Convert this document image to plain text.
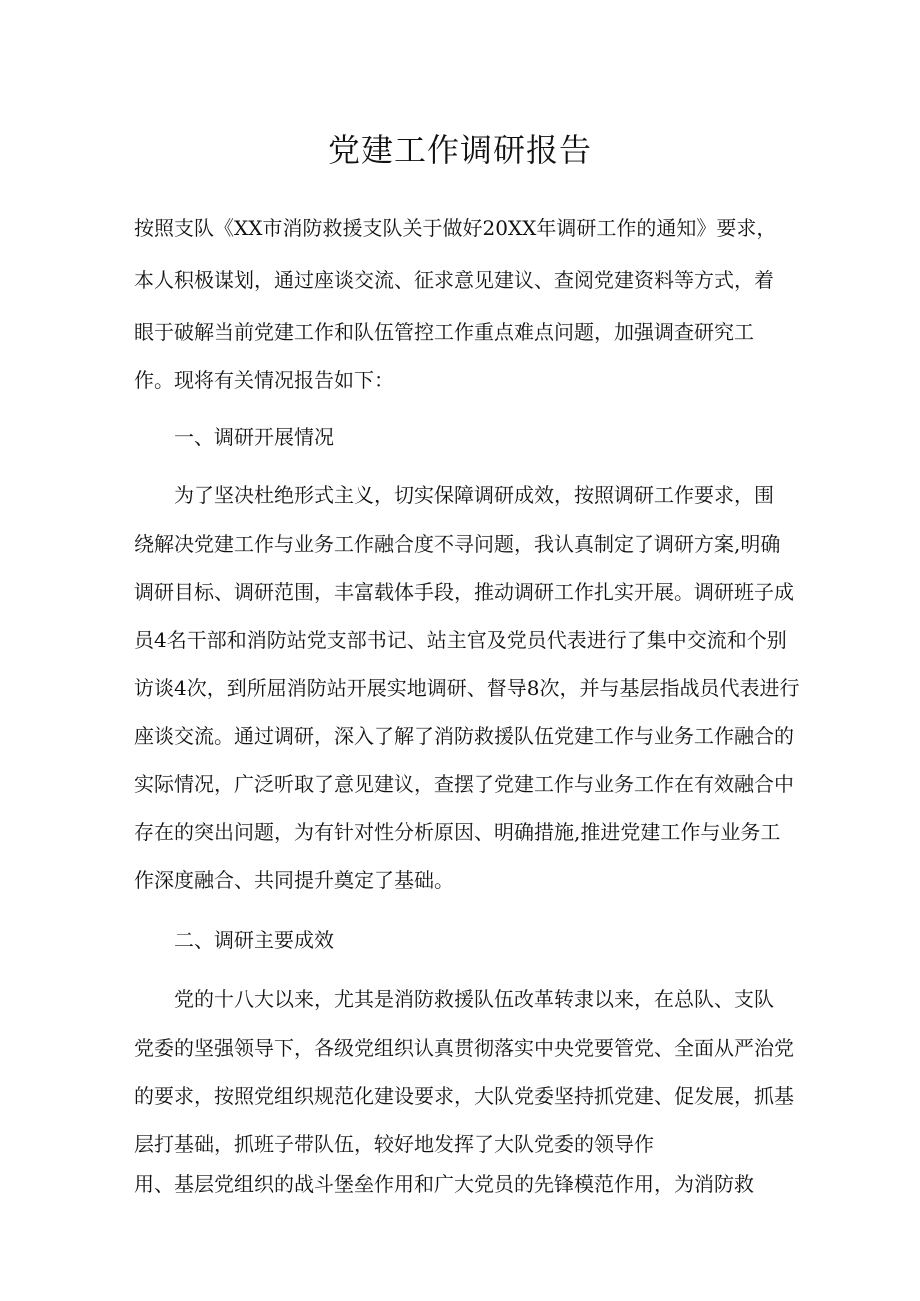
党建工作调研报告
按照支队《XX市消防救援支队关于做好20XX年调研工作的通知》要求，
本人积极谋划，通过座谈交流、征求意见建议、查阅党建资料等方式，着
眼于破解当前党建工作和队伍管控工作重点难点问题，加强调查研究工
作。现将有关情况报告如下：
一、调研开展情况
为了坚决杜绝形式主义，切实保障调研成效，按照调研工作要求，围
绕解决党建工作与业务工作融合度不寻问题，我认真制定了调研方案,明确
调研目标、调研范围，丰富载体手段，推动调研工作扎实开展。调研班子成
员4名干部和消防站党支部书记、站主官及党员代表进行了集中交流和个别
访谈4次，到所屈消防站开展实地调研、督导8次，并与基层指战员代表进行
座谈交流。通过调研，深入了解了消防救援队伍党建工作与业务工作融合的
实际情况，广泛听取了意见建议，查摆了党建工作与业务工作在有效融合中
存在的突出问题，为有针对性分析原因、明确措施,推进党建工作与业务工
作深度融合、共同提升奠定了基础。
二、调研主要成效
党的十八大以来，尤其是消防救援队伍改革转隶以来，在总队、支队
党委的坚强领导下，各级党组织认真贯彻落实中央党要管党、全面从严治党
的要求，按照党组织规范化建设要求，大队党委坚持抓党建、促发展，抓基
层打基础，抓班子带队伍，较好地发挥了大队党委的领导作
用、基层党组织的战斗堡垒作用和广大党员的先锋模范作用，为消防救
